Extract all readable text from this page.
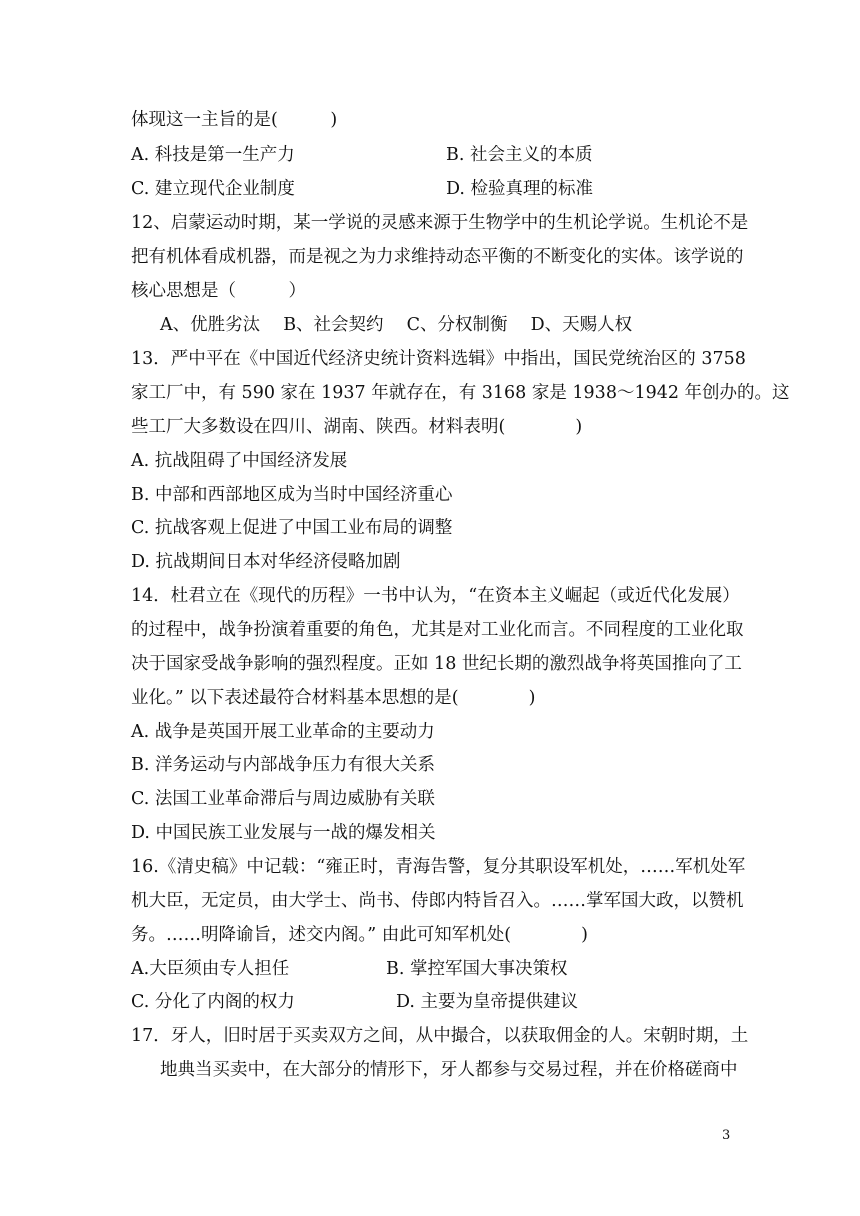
体现这一主旨的是(　　　)
A. 科技是第一生产力	B. 社会主义的本质
C. 建立现代企业制度	D. 检验真理的标准
12、启蒙运动时期，某一学说的灵感来源于生物学中的生机论学说。生机论不是
把有机体看成机器，而是视之为力求维持动态平衡的不断变化的实体。该学说的
核心思想是（　　　）
A、优胜劣汰　 B、社会契约　 C、分权制衡　 D、天赐人权
13．严中平在《中国近代经济史统计资料选辑》中指出，国民党统治区的 3758
家工厂中，有 590 家在 1937 年就存在，有 3168 家是 1938～1942 年创办的。这
些工厂大多数设在四川、湖南、陕西。材料表明(　　　　)
A. 抗战阻碍了中国经济发展
B. 中部和西部地区成为当时中国经济重心
C. 抗战客观上促进了中国工业布局的调整
D. 抗战期间日本对华经济侵略加剧
14．杜君立在《现代的历程》一书中认为，“在资本主义崛起（或近代化发展）
的过程中，战争扮演着重要的角色，尤其是对工业化而言。不同程度的工业化取
决于国家受战争影响的强烈程度。正如 18 世纪长期的激烈战争将英国推向了工
业化。” 以下表述最符合材料基本思想的是(　　　　)
A. 战争是英国开展工业革命的主要动力
B. 洋务运动与内部战争压力有很大关系
C. 法国工业革命滞后与周边威胁有关联
D. 中国民族工业发展与一战的爆发相关
16.《清史稿》中记载：“雍正时，青海告警，复分其职设军机处，……军机处军
机大臣，无定员，由大学士、尚书、侍郎内特旨召入。……掌军国大政，以赞机
务。……明降谕旨，述交内阁。” 由此可知军机处(　　　　)
A.大臣须由专人担任	B. 掌控军国大事决策权
C. 分化了内阁的权力	D. 主要为皇帝提供建议
17．牙人，旧时居于买卖双方之间，从中撮合，以获取佣金的人。宋朝时期，土
地典当买卖中，在大部分的情形下，牙人都参与交易过程，并在价格磋商中
3
